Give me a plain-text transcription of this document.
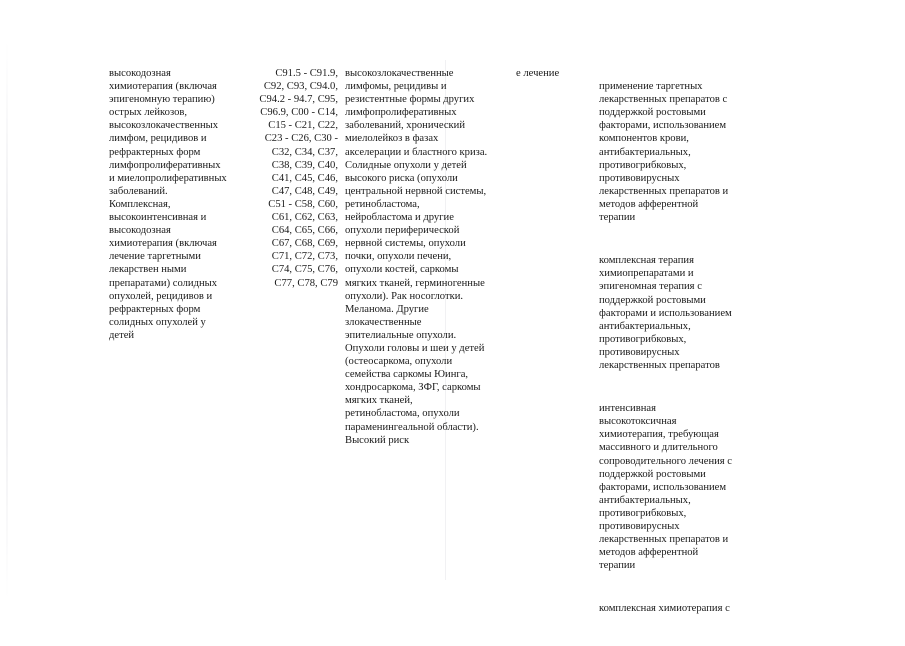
высокодозная
химиотерапия (включая
эпигеномную терапию)
острых лейкозов,
высокозлокачественных
лимфом, рецидивов и
рефрактерных форм
лимфопролиферативных
и миелопролиферативных
заболеваний.
Комплексная,
высокоинтенсивная и
высокодозная
химиотерапия (включая
лечение таргетными
лекарствен ными
препаратами) солидных
опухолей, рецидивов и
рефрактерных форм
солидных опухолей у
детей
C91.5 - C91.9,
C92, C93, C94.0,
C94.2 - 94.7, C95,
C96.9, C00 - C14,
C15 - C21, C22,
C23 - C26, C30 -
C32, C34, C37,
C38, C39, C40,
C41, C45, C46,
C47, C48, C49,
C51 - C58, C60,
C61, C62, C63,
C64, C65, C66,
C67, C68, C69,
C71, C72, C73,
C74, C75, C76,
C77, C78, C79
высокозлокачественные
лимфомы, рецидивы и
резистентные формы других
лимфопролиферативных
заболеваний, хронический
миелолейкоз в фазах
акселерации и бластного криза.
Солидные опухоли у детей
высокого риска (опухоли
центральной нервной системы,
ретинобластома,
нейробластома и другие
опухоли периферической
нервной системы, опухоли
почки, опухоли печени,
опухоли костей, саркомы
мягких тканей, герминогенные
опухоли). Рак носоглотки.
Меланома. Другие
злокачественные
эпителиальные опухоли.
Опухоли головы и шеи у детей
(остеосаркома, опухоли
семейства саркомы Юинга,
хондросаркома, ЗФГ, саркомы
мягких тканей,
ретинобластома, опухоли
параменингеальной области).
Высокий риск
е лечение

применение таргетных
лекарственных препаратов с
поддержкой ростовыми
факторами, использованием
компонентов крови,
антибактериальных,
противогрибковых,
противовирусных
лекарственных препаратов и
методов афферентной
терапии

комплексная терапия
химиопрепаратами и
эпигеномная терапия с
поддержкой ростовыми
факторами и использованием
антибактериальных,
противогрибковых,
противовирусных
лекарственных препаратов

интенсивная
высокотоксичная
химиотерапия, требующая
массивного и длительного
сопроводительного лечения с
поддержкой ростовыми
факторами, использованием
антибактериальных,
противогрибковых,
противовирусных
лекарственных препаратов и
методов афферентной
терапии

комплексная химиотерапия с
